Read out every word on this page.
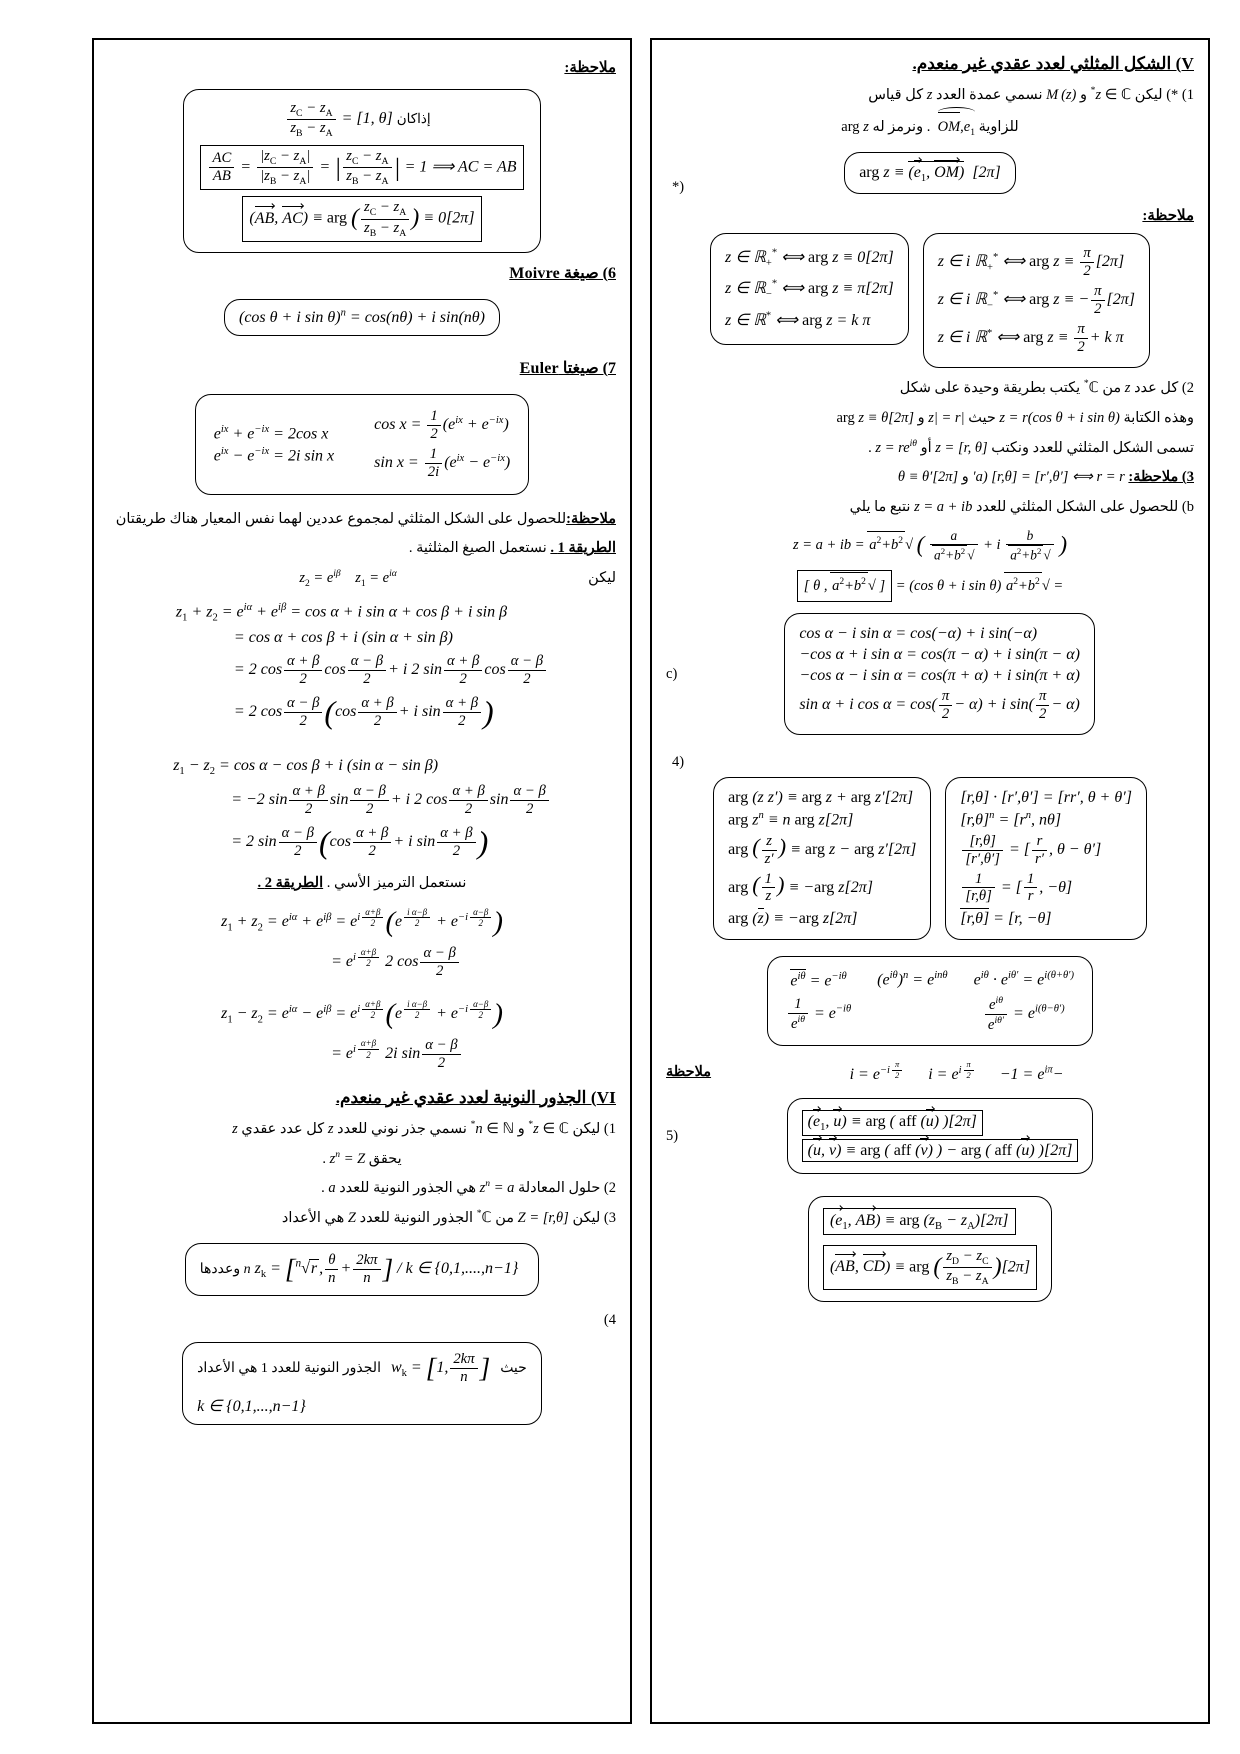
V) الشكل المثلثي لعدد عقدي غير منعدم.
1) *) ليكن z ∈ ℂ* و M (z) نسمي عمدة العدد z كل قياس
للزاوية $e_1,OM$  . ونرمز له arg z
arg $z \equiv (e_1$, OM)  [2π]
(*
ملاحظة:
z ∈ i ℝ$_+$* ⟺ arg $z \equiv \frac{\pi}{2} [2\pi]$
z ∈ i ℝ$_-$* ⟺ arg z ≡ − $\frac{\pi}{2} [2\pi]$
z ∈ i ℝ* ⟺ arg $z \equiv \frac{\pi}{2} + k$ π
z ∈ ℝ$_+$* ⟺ arg z ≡ 0[2π]
z ∈ ℝ$_-$* ⟺ arg z ≡ π[2π]
z ∈ ℝ* ⟺ arg z = k π
2) كل عدد z من ℂ* يكتب بطريقة وحيدة على شكل
وهذه الكتابة z = r(cos θ + i sin θ) حيث |z| = r و arg z ≡ θ[2π]
تسمى الشكل المثلثي للعدد ونكتب z = [r, θ] أو $z = re^{i\theta}$ .
3) ملاحظة: a) [r,θ] = [r′,θ′] ⟺ r = r′ و θ ≡ θ′[2π]
b) للحصول على الشكل المثلثي للعدد z = a + ib نتبع ما يلي
z = a + ib =	$√a^2+b^2$ ( $\frac{a}{√a^2+b^2} + i \frac{b}{√a^2+b^2}$ )
= $√a^2+b^2$ (cos θ + i sin θ) = [ $√a^2+b^2$ , θ ]
cos α − i sin α = cos(−α) + i sin(−α)
−cos α + i sin α = cos(π − α) + i sin(π − α)
−cos α − i sin α = cos(π + α) + i sin(π + α)
sin α + i $\cos \alpha = \cos( \frac{\pi}{2} - \alpha) + i$ $\sin( \frac{\pi}{2} - \alpha)$
(c
(4
[r,θ] · [r′,θ′] = [rr′, θ + θ′]
$[r,\theta]^n = [r^n$, nθ]
$\frac{[r,\theta]}{[r',\theta']}$ = [ $\frac{r}{r'}$ , θ − θ′]
$\frac{1}{[r,\theta]}$ = [ $\frac{1}{r}$ , −θ]
[r,θ] = [r, −θ]
arg (z z′) ≡ arg z + arg z′[2π]
arg $z^n \equiv n$ arg z[2π]
arg ( $\frac{z}{z'}$ ) ≡ arg z − arg z′[2π]
arg ( $\frac{1}{z}$ ) ≡ −arg z[2π]
arg (z) ≡ −arg z[2π]
$e^{i\theta} = e^{-i\theta}$ $(e^{i\theta})^n = e^{in\theta}$ $e^{i\theta} \cdot e^{i\theta'} = e^{i(\theta+\theta')}$
$\frac{1}{e^{i\theta}} = e^{-i\theta}$	$\frac{e^{i\theta}}{e^{i\theta'}} = e^{i(\theta-\theta')}$
$-i = e^{-i \frac{\pi}{2}}$ $i = e^{i \frac{\pi}{2}} -1 = e^{i\pi}$
ملاحظة
($e_1$, u) ≡ arg ( aff (u) )[2π]
(u, v) ≡ arg ( aff (v) ) − arg ( aff (u) )[2π]
(5
($e_1$, AB) ≡ arg $(z_B - z_A)[2\pi]$
(AB, CD) ≡ arg ( $\frac{z_D - z_C}{z_B - z_A} )[2\pi]$
ملاحظة:
$\frac{z_C - z_A}{z_B - z_A} = [1$, θ] إذاكان
$\frac{AC}{AB} = \frac{|z_C - z_A|}{|z_B - z_A|}$ = | $\frac{z_C - z_A}{z_B - z_A}$ | = 1 ⟹ AC = AB
(AB, AC) ≡ arg ( $\frac{z_C - z_A}{z_B - z_A}$ ) ≡ 0[2π]
6) صيغة Moivre
(cos θ + i sin θ)$^n$ = cos(nθ) + i sin(nθ)
7) صيغتا Euler
$e^{ix} + e^{-ix} = 2\cos$ x
$e^{ix} - e^{-ix} = 2i$ sin x
$\cos x = \frac{1}{2} (e^{ix} + e^{-ix})$
$\sin x = \frac{1}{2i} (e^{ix} - e^{-ix})$
ملاحظة:للحصول على الشكل المثلثي لمجموع عددين لهما نفس المعيار هناك طريقتان
الطريقة 1 . نستعمل الصيغ المثلثية .
ليكن
$z_2 = e^{i\beta}$    $z_1 = e^{i\alpha}$
$z_1 + z_2 = e^{i\alpha} + e^{i\beta} = \cos \alpha + i$ sin α + cos β + i sin β
= cos α + cos β + i (sin α + sin β)
= 2 $\cos \frac{\alpha + \beta}{2}$ $\cos \frac{\alpha - \beta}{2} + i$ 2 $\sin \frac{\alpha + \beta}{2}$ $\cos \frac{\alpha - \beta}{2}$
= 2 $\cos \frac{\alpha - \beta}{2} (\cos \frac{\alpha + \beta}{2} + i$ $\sin \frac{\alpha + \beta}{2}$ )
$z_1 - z_2 = \cos \alpha - \cos \beta + i$ (sin α − sin β)
= −2 $\sin \frac{\alpha + \beta}{2}$ $\sin \frac{\alpha - \beta}{2} + i$ 2 $\cos \frac{\alpha + \beta}{2}$ $\sin \frac{\alpha - \beta}{2}$
= 2 $\sin \frac{\alpha - \beta}{2} (\cos \frac{\alpha + \beta}{2} + i$ $\sin \frac{\alpha + \beta}{2}$ )
نستعمل الترميز الأسي . الطريقة 2 .
$z_1 + z_2 = e^{i\alpha} + e^{i\beta} = e^{i \frac{\alpha+\beta}{2}}$ (e $^{\frac{\text{i α−β}}{2}} + e^{-i \frac{\alpha-\beta}{2}}$ )
= $e^{i \frac{\alpha+\beta}{2}}$ 2 $\cos \frac{\alpha - \beta}{2}$
$z_1 - z_2 = e^{i\alpha} - e^{i\beta} = e^{i \frac{\alpha+\beta}{2}}$ (e $^{\frac{\text{i α−β}}{2}} + e^{-i \frac{\alpha-\beta}{2}}$ )
= $e^{i \frac{\alpha+\beta}{2}}$ 2i $\sin \frac{\alpha - \beta}{2}$
VI) الجذور النونية لعدد عقدي غير منعدم.
1) ليكن z ∈ ℂ* و n ∈ ℕ* نسمي جذر نوني للعدد z كل عدد عقدي z
يحقق $z^n = Z$ .
2) حلول المعادلة $z^n = a$ هي الجذور النونية للعدد a .
3) ليكن Z = [r,θ] من ℂ* الجذور النونية للعدد Z هي الأعداد
وعددها n $z_k = [^n√r$ , $\frac{\theta}{n} + \frac{2k\pi}{n}$ ] / k ∈ {0,1,....,n−1}
4)
حيث $w_k = [1$, $\frac{2k\pi}{n}$ ] الجذور النونية للعدد 1 هي الأعداد
k ∈ {0,1,...,n−1}
